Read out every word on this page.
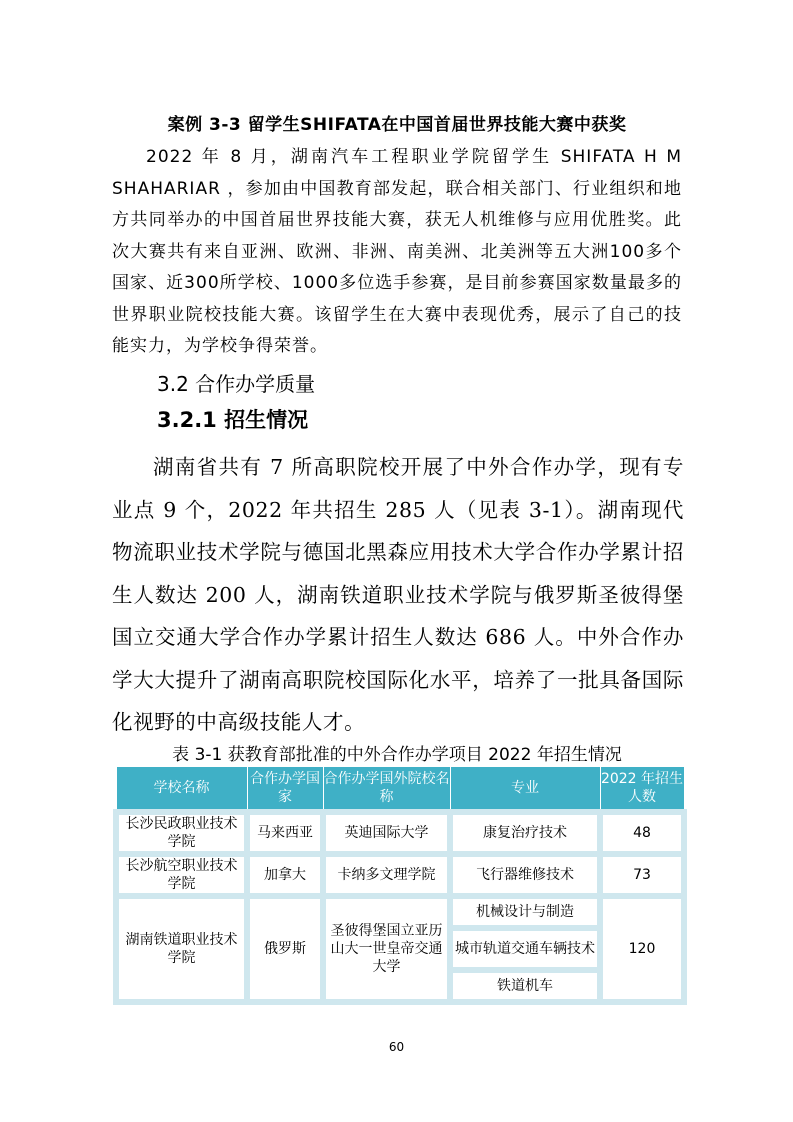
案例 3-3 留学生SHIFATA在中国首届世界技能大赛中获奖

2022 年 8 月，湖南汽车工程职业学院留学生 SHIFATA H M SHAHARIAR ，参加由中国教育部发起，联合相关部门、行业组织和地方共同举办的中国首届世界技能大赛，获无人机维修与应用优胜奖。此次大赛共有来自亚洲、欧洲、非洲、南美洲、北美洲等五大洲100多个国家、近300所学校、1000多位选手参赛，是目前参赛国家数量最多的世界职业院校技能大赛。该留学生在大赛中表现优秀，展示了自己的技能实力，为学校争得荣誉。

3.2 合作办学质量
3.2.1 招生情况

湖南省共有 7 所高职院校开展了中外合作办学，现有专业点 9 个，2022 年共招生 285 人（见表 3-1）。湖南现代物流职业技术学院与德国北黑森应用技术大学合作办学累计招生人数达 200 人，湖南铁道职业技术学院与俄罗斯圣彼得堡国立交通大学合作办学累计招生人数达 686 人。中外合作办学大大提升了湖南高职院校国际化水平，培养了一批具备国际化视野的中高级技能人才。

表 3-1 获教育部批准的中外合作办学项目 2022 年招生情况
学校名称	合作办学国家	合作办学国外院校名称	专业	2022 年招生人数
长沙民政职业技术学院	马来西亚	英迪国际大学	康复治疗技术	48
长沙航空职业技术学院	加拿大	卡纳多文理学院	飞行器维修技术	73
湖南铁道职业技术学院	俄罗斯	圣彼得堡国立亚历山大一世皇帝交通大学	机械设计与制造	120
			城市轨道交通车辆技术	
			铁道机车	
60
